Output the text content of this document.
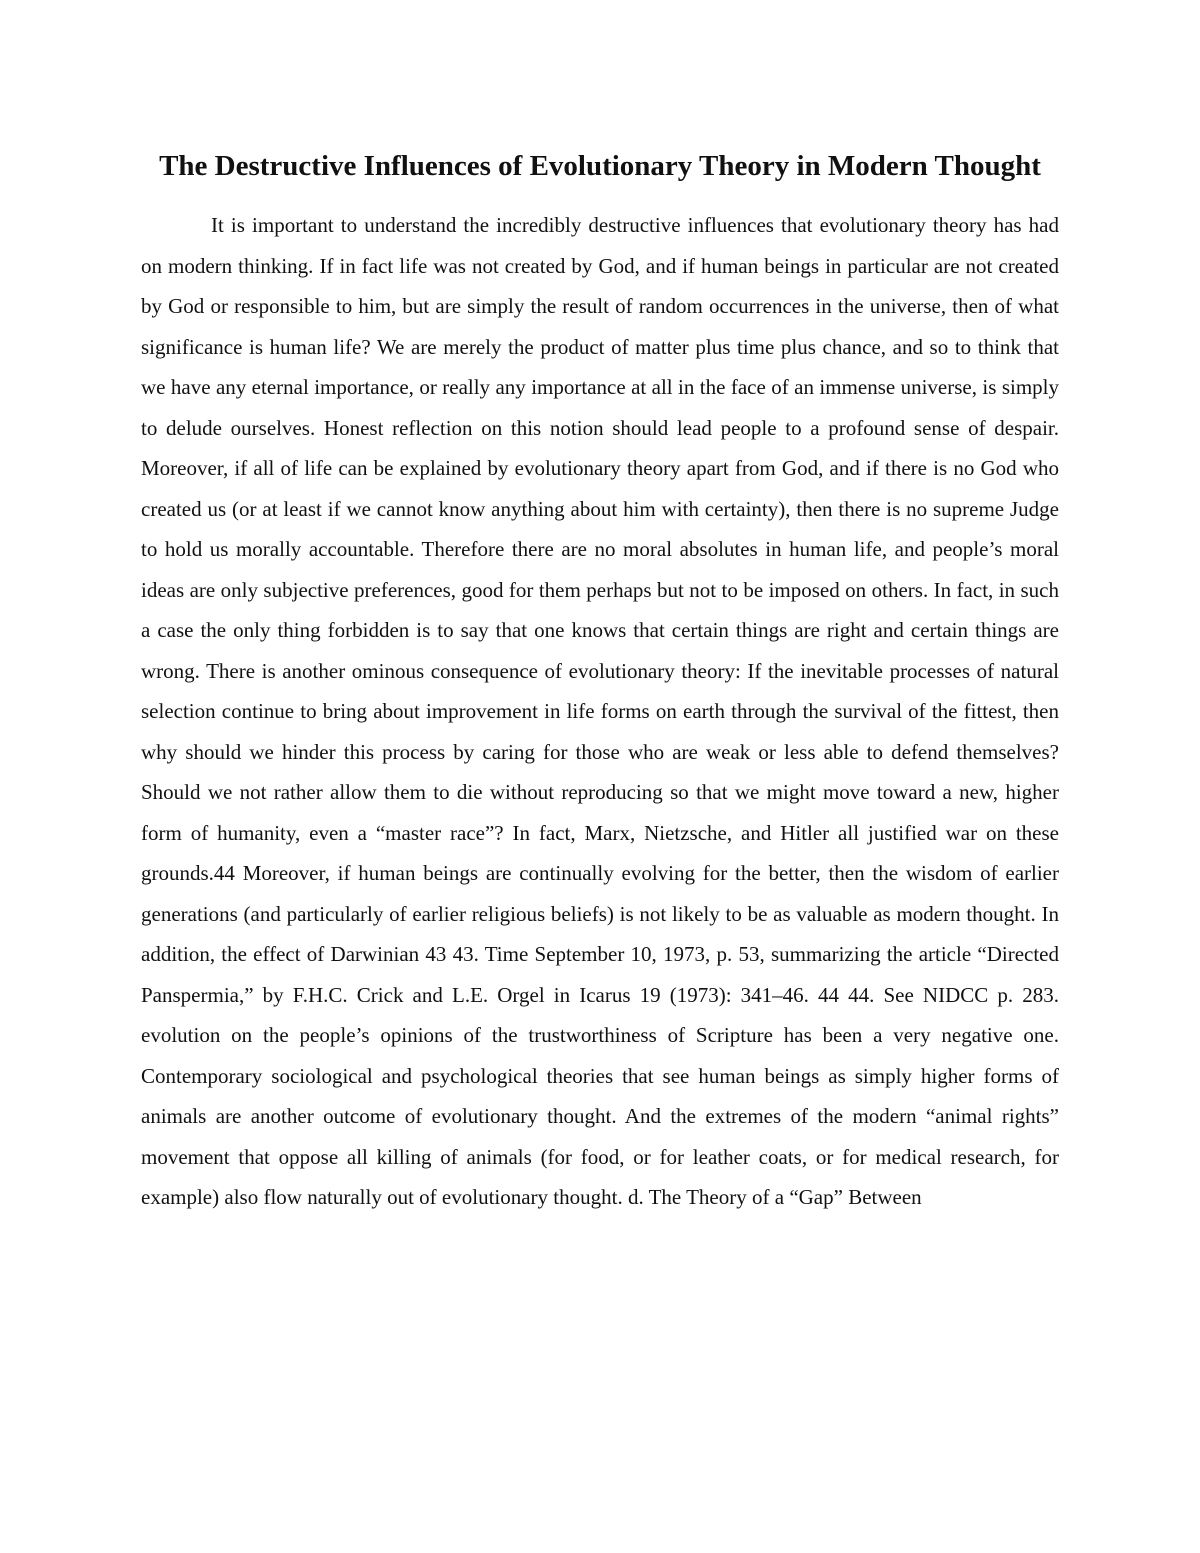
The Destructive Influences of Evolutionary Theory in Modern Thought

It is important to understand the incredibly destructive influences that evolutionary theory has had on modern thinking. If in fact life was not created by God, and if human beings in particular are not created by God or responsible to him, but are simply the result of random occurrences in the universe, then of what significance is human life? We are merely the product of matter plus time plus chance, and so to think that we have any eternal importance, or really any importance at all in the face of an immense universe, is simply to delude ourselves. Honest reflection on this notion should lead people to a profound sense of despair. Moreover, if all of life can be explained by evolutionary theory apart from God, and if there is no God who created us (or at least if we cannot know anything about him with certainty), then there is no supreme Judge to hold us morally accountable. Therefore there are no moral absolutes in human life, and people’s moral ideas are only subjective preferences, good for them perhaps but not to be imposed on others. In fact, in such a case the only thing forbidden is to say that one knows that certain things are right and certain things are wrong. There is another ominous consequence of evolutionary theory: If the inevitable processes of natural selection continue to bring about improvement in life forms on earth through the survival of the fittest, then why should we hinder this process by caring for those who are weak or less able to defend themselves? Should we not rather allow them to die without reproducing so that we might move toward a new, higher form of humanity, even a “master race”? In fact, Marx, Nietzsche, and Hitler all justified war on these grounds.44 Moreover, if human beings are continually evolving for the better, then the wisdom of earlier generations (and particularly of earlier religious beliefs) is not likely to be as valuable as modern thought. In addition, the effect of Darwinian 43 43. Time September 10, 1973, p. 53, summarizing the article “Directed Panspermia,” by F.H.C. Crick and L.E. Orgel in Icarus 19 (1973): 341–46. 44 44. See NIDCC p. 283. evolution on the people’s opinions of the trustworthiness of Scripture has been a very negative one. Contemporary sociological and psychological theories that see human beings as simply higher forms of animals are another outcome of evolutionary thought. And the extremes of the modern “animal rights” movement that oppose all killing of animals (for food, or for leather coats, or for medical research, for example) also flow naturally out of evolutionary thought. d. The Theory of a “Gap” Between
